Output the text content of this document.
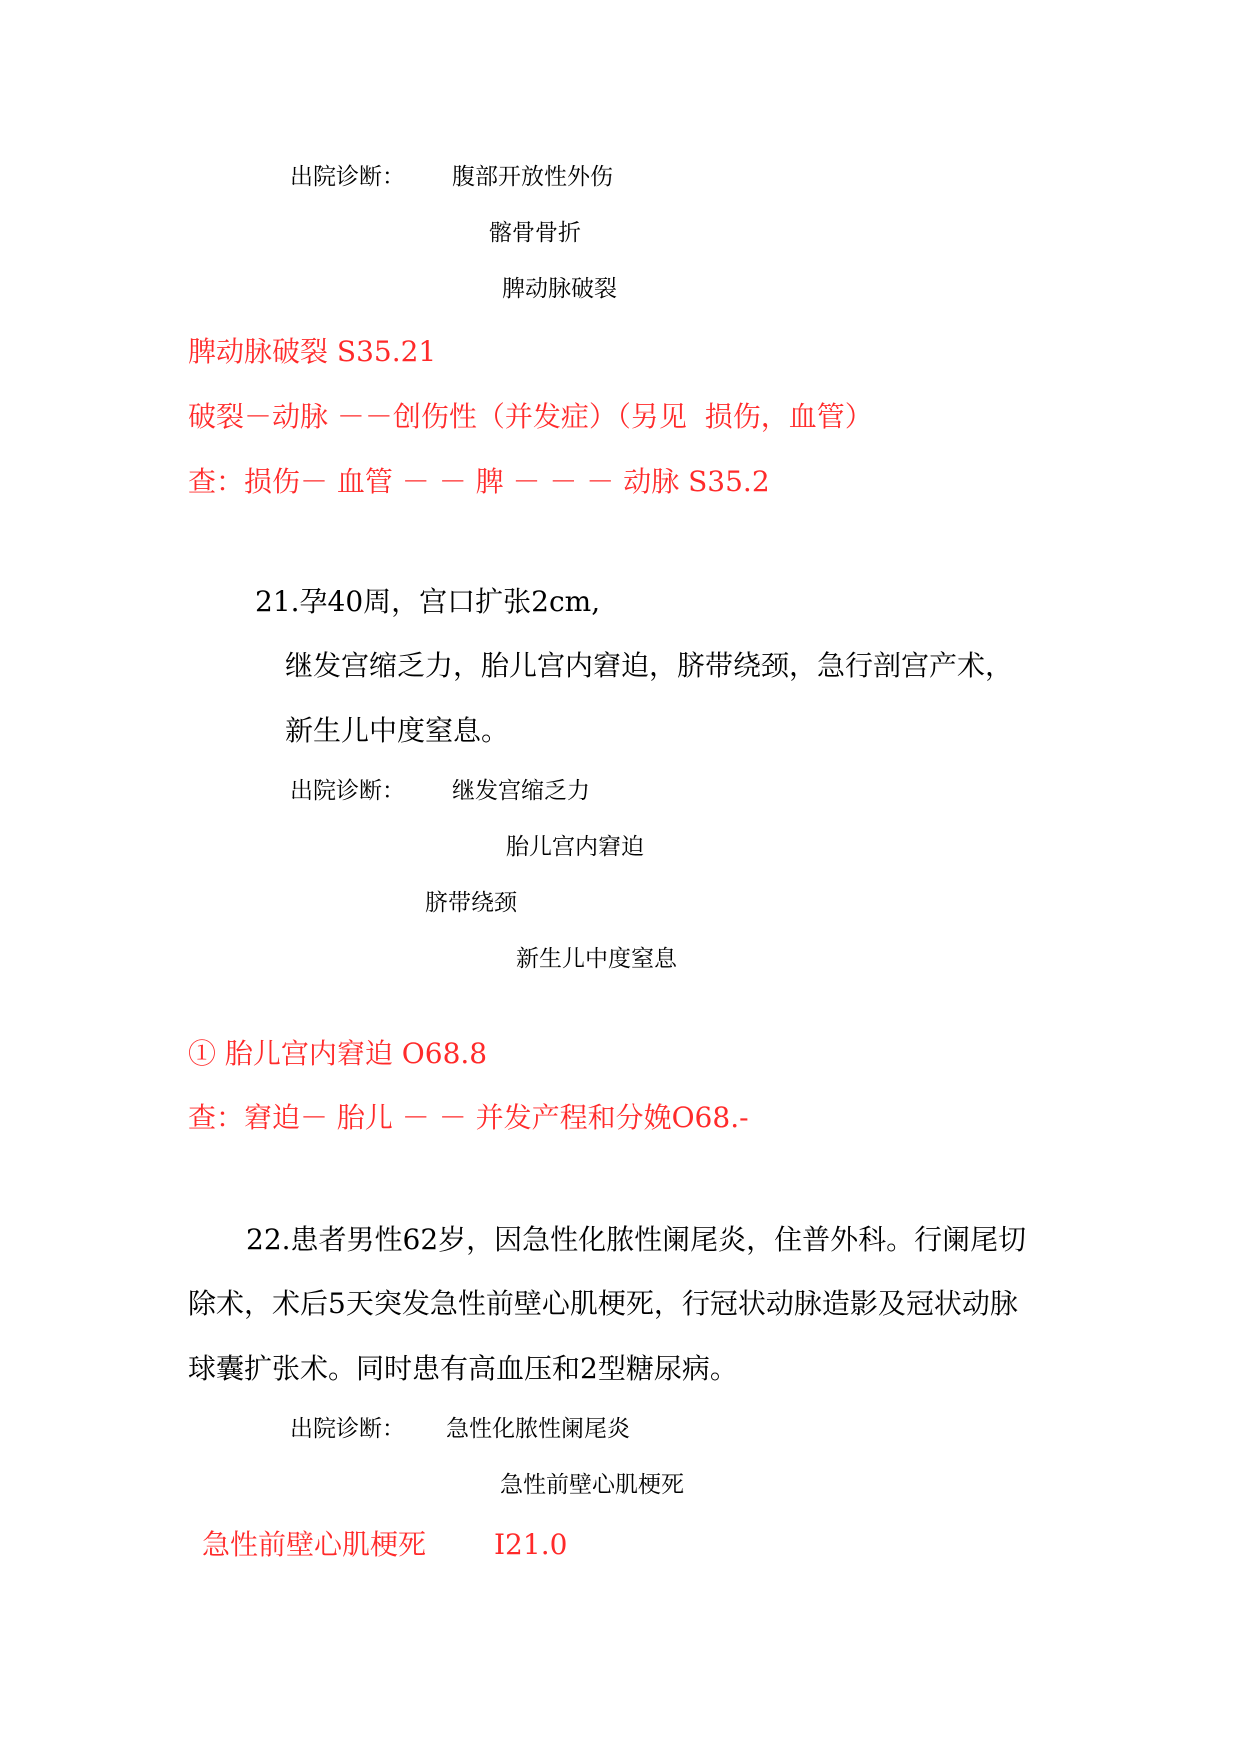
出院诊断： 腹部开放性外伤
髂骨骨折
脾动脉破裂
脾动脉破裂 S35.21
破裂－动脉 －－创伤性（并发症）（另见  损伤，血管）
查：损伤－ 血管 － － 脾 － － － 动脉 S35.2
21.孕40周，宫口扩张2cm,
继发宫缩乏力，胎儿宫内窘迫，脐带绕颈，急行剖宫产术，
新生儿中度窒息。
出院诊断： 继发宫缩乏力
胎儿宫内窘迫
脐带绕颈
新生儿中度窒息
① 胎儿宫内窘迫 O68.8
查：窘迫－ 胎儿 － － 并发产程和分娩O68.-
22.患者男性62岁，因急性化脓性阑尾炎，住普外科。行阑尾切
除术，术后5天突发急性前壁心肌梗死，行冠状动脉造影及冠状动脉
球囊扩张术。同时患有高血压和2型糖尿病。
出院诊断： 急性化脓性阑尾炎
急性前壁心肌梗死
急性前壁心肌梗死 I21.0
